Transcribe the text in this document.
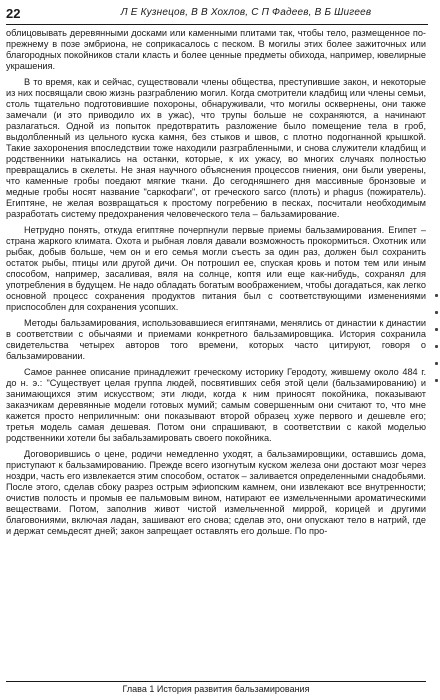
22	Л Е Кузнецов, В В Хохлов, С П Фадеев, В Б Шигеев

облицовывать деревянными досками или каменными плитами так, чтобы тело, размещенное по-прежнему в позе эмбриона, не соприкасалось с песком. В могилы этих более зажиточных или благородных покойников стали класть и более ценные предметы обихода, например, ювелирные украшения.

В то время, как и сейчас, существовали члены общества, преступившие закон, и некоторые из них посвящали свою жизнь разграблению могил. Когда смотрители кладбищ или члены семьи, столь тщательно подготовившие похороны, обнаруживали, что могилы осквернены, они также замечали (и это приводило их в ужас), что трупы больше не сохраняются, а начинают разлагаться. Одной из попыток предотвратить разложение было помещение тела в гроб, выдолбленный из цельного куска камня, без стыков и швов, с плотно подогнанной крышкой. Такие захоронения впоследствии тоже находили разграбленными, и снова служители кладбищ и родственники натыкались на останки, которые, к их ужасу, во многих случаях полностью превращались в скелеты. Не зная научного объяснения процессов гниения, они были уверены, что каменные гробы поедают мягкие ткани. До сегодняшнего дня массивные бронзовые и медные гробы носят название "саркофаги", от греческого sarco (плоть) и phagus (пожиратель). Египтяне, не желая возвращаться к простому погребению в песках, посчитали необходимым разработать систему предохранения человеческого тела – бальзамирование.

Нетрудно понять, откуда египтяне почерпнули первые приемы бальзамирования. Египет – страна жаркого климата. Охота и рыбная ловля давали возможность прокормиться. Охотник или рыбак, добыв больше, чем он и его семья могли съесть за один раз, должен был сохранить остаток рыбы, птицы или другой дичи. Он потрошил ее, спуская кровь и потом тем или иным способом, например, засаливая, вяля на солнце, коптя или еще как-нибудь, сохранял для употребления в будущем. Не надо обладать богатым воображением, чтобы догадаться, как легко основной процесс сохранения продуктов питания был с соответствующими изменениями приспособлен для сохранения усопших.

Методы бальзамирования, использовавшиеся египтянами, менялись от династии к династии в соответствии с обычаями и приемами конкретного бальзамировщика. История сохранила свидетельства четырех авторов того времени, которых часто цитируют, говоря о бальзамировании.

Самое раннее описание принадлежит греческому историку Геродоту, жившему около 484 г. до н. э.: "Существует целая группа людей, посвятивших себя этой цели (бальзамированию) и занимающихся этим искусством; эти люди, когда к ним приносят покойника, показывают заказчикам деревянные модели готовых мумий; самым совершенным они считают то, что мне кажется просто неприличным: они показывают второй образец хуже первого и дешевле его; третья модель самая дешевая. Потом они спрашивают, в соответствии с какой моделью родственники хотели бы забальзамировать своего покойника.

Договорившись о цене, родичи немедленно уходят, а бальзамировщики, оставшись дома, приступают к бальзамированию. Прежде всего изогнутым куском железа они достают мозг через ноздри, часть его извлекается этим способом, остаток – заливается определенными снадобьями. После этого, сделав сбоку разрез острым эфиопским камнем, они извлекают все внутренности; очистив полость и промыв ее пальмовым вином, натирают ее измельченными ароматическими веществами. Потом, заполнив живот чистой измельченной миррой, корицей и другими благовониями, включая ладан, зашивают его снова; сделав это, они опускают тело в натрий, где и держат семьдесят дней; закон запрещает оставлять его дольше. По про-

Глава 1 История развития бальзамирования
